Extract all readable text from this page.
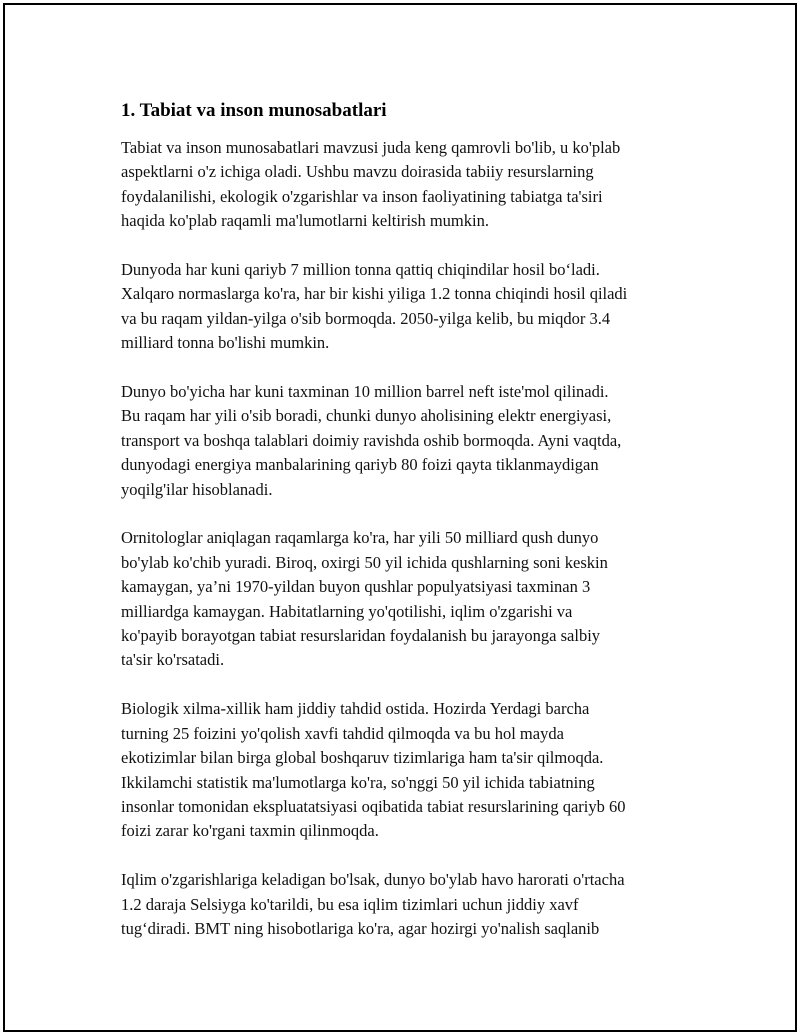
1. Tabiat va inson munosabatlari
Tabiat va inson munosabatlari mavzusi juda keng qamrovli bo'lib, u ko'plab
aspektlarni o'z ichiga oladi. Ushbu mavzu doirasida tabiiy resurslarning
foydalanilishi, ekologik o'zgarishlar va inson faoliyatining tabiatga ta'siri
haqida ko'plab raqamli ma'lumotlarni keltirish mumkin.
Dunyoda har kuni qariyb 7 million tonna qattiq chiqindilar hosil bo‘ladi.
Xalqaro normaslarga ko'ra, har bir kishi yiliga 1.2 tonna chiqindi hosil qiladi
va bu raqam yildan-yilga o'sib bormoqda. 2050-yilga kelib, bu miqdor 3.4
milliard tonna bo'lishi mumkin.
Dunyo bo'yicha har kuni taxminan 10 million barrel neft iste'mol qilinadi.
Bu raqam har yili o'sib boradi, chunki dunyo aholisining elektr energiyasi,
transport va boshqa talablari doimiy ravishda oshib bormoqda. Ayni vaqtda,
dunyodagi energiya manbalarining qariyb 80 foizi qayta tiklanmaydigan
yoqilg'ilar hisoblanadi.
Ornitologlar aniqlagan raqamlarga ko'ra, har yili 50 milliard qush dunyo
bo'ylab ko'chib yuradi. Biroq, oxirgi 50 yil ichida qushlarning soni keskin
kamaygan, ya’ni 1970-yildan buyon qushlar populyatsiyasi taxminan 3
milliardga kamaygan. Habitatlarning yo'qotilishi, iqlim o'zgarishi va
ko'payib borayotgan tabiat resurslaridan foydalanish bu jarayonga salbiy
ta'sir ko'rsatadi.
Biologik xilma-xillik ham jiddiy tahdid ostida. Hozirda Yerdagi barcha
turning 25 foizini yo'qolish xavfi tahdid qilmoqda va bu hol mayda
ekotizimlar bilan birga global boshqaruv tizimlariga ham ta'sir qilmoqda.
Ikkilamchi statistik ma'lumotlarga ko'ra, so'nggi 50 yil ichida tabiatning
insonlar tomonidan ekspluatatsiyasi oqibatida tabiat resurslarining qariyb 60
foizi zarar ko'rgani taxmin qilinmoqda.
Iqlim o'zgarishlariga keladigan bo'lsak, dunyo bo'ylab havo harorati o'rtacha
1.2 daraja Selsiyga ko'tarildi, bu esa iqlim tizimlari uchun jiddiy xavf
tug‘diradi. BMT ning hisobotlariga ko'ra, agar hozirgi yo'nalish saqlanib
